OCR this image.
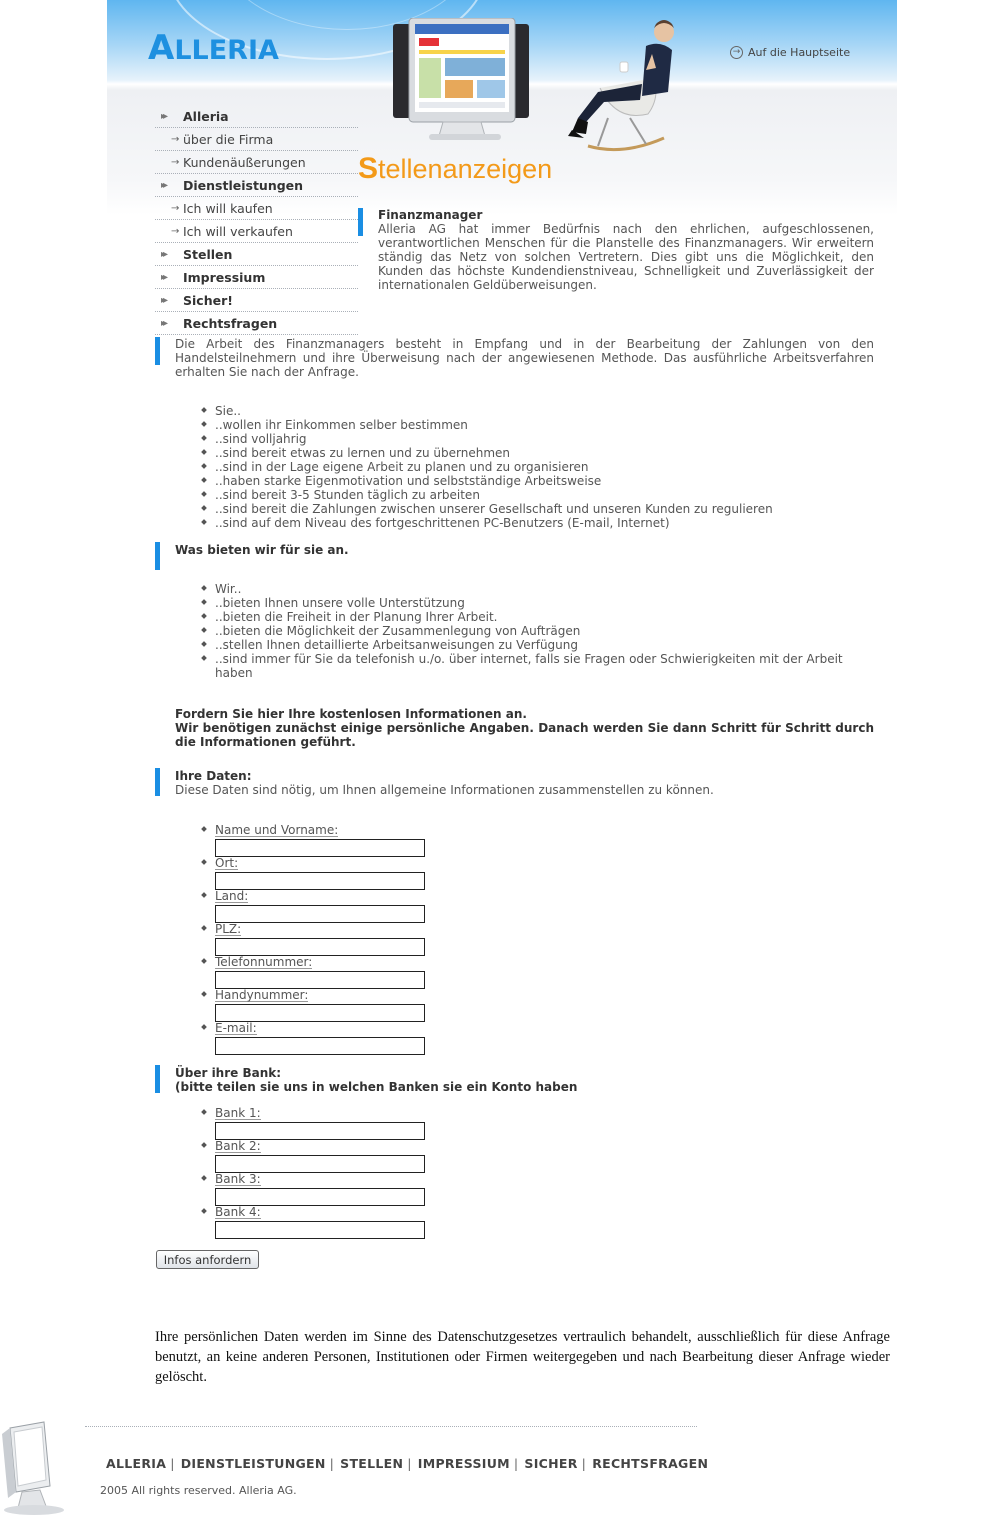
ALLERIA	→ Auf die Hauptseite
▸▸	Alleria
→ über die Firma
→ Kundenäußerungen
▸▸	Dienstleistungen
→ Ich will kaufen
→ Ich will verkaufen
▸▸	Stellen
▸▸	Impressium
▸▸	Sicher!
▸▸	Rechtsfragen
Stellenanzeigen
Finanzmanager
Alleria AG hat immer Bedürfnis nach den ehrlichen, aufgeschlossenen, verantwortlichen Menschen für die Planstelle des Finanzmanagers. Wir erweitern ständig das Netz von solchen Vertretern. Dies gibt uns die Möglichkeit, den Kunden das höchste Kundendienstniveau, Schnelligkeit und Zuverlässigkeit der internationalen Geldüberweisungen.
Die Arbeit des Finanzmanagers besteht in Empfang und in der Bearbeitung der Zahlungen von den Handelsteilnehmern und ihre Überweisung nach der angewiesenen Methode. Das ausführliche Arbeitsverfahren erhalten Sie nach der Anfrage.
Sie..
..wollen ihr Einkommen selber bestimmen
..sind volljahrig
..sind bereit etwas zu lernen und zu übernehmen
..sind in der Lage eigene Arbeit zu planen und zu organisieren
..haben starke Eigenmotivation und selbstständige Arbeitsweise
..sind bereit 3-5 Stunden täglich zu arbeiten
..sind bereit die Zahlungen zwischen unserer Gesellschaft und unseren Kunden zu regulieren
..sind auf dem Niveau des fortgeschrittenen PC-Benutzers (E-mail, Internet)
Was bieten wir für sie an.
Wir..
..bieten Ihnen unsere volle Unterstützung
..bieten die Freiheit in der Planung Ihrer Arbeit.
..bieten die Möglichkeit der Zusammenlegung von Aufträgen
..stellen Ihnen detaillierte Arbeitsanweisungen zu Verfügung
..sind immer für Sie da telefonish u./o. über internet, falls sie Fragen oder Schwierigkeiten mit der Arbeit haben
Fordern Sie hier Ihre kostenlosen Informationen an.
Wir benötigen zunächst einige persönliche Angaben. Danach werden Sie dann Schritt für Schritt durch die Informationen geführt.
Ihre Daten:
Diese Daten sind nötig, um Ihnen allgemeine Informationen zusammenstellen zu können.
Name und Vorname:
Ort:
Land:
PLZ:
Telefonnummer:
Handynummer:
E-mail:
Über ihre Bank:
(bitte teilen sie uns in welchen Banken sie ein Konto haben
Bank 1:
Bank 2:
Bank 3:
Bank 4:
Infos anfordern
Ihre persönlichen Daten werden im Sinne des Datenschutzgesetzes vertraulich behandelt, ausschließlich für diese Anfrage benutzt, an keine anderen Personen, Institutionen oder Firmen weitergegeben und nach Bearbeitung dieser Anfrage wieder gelöscht.
ALLERIA | DIENSTLEISTUNGEN | STELLEN | IMPRESSIUM | SICHER | RECHTSFRAGEN
2005 All rights reserved. Alleria AG.
